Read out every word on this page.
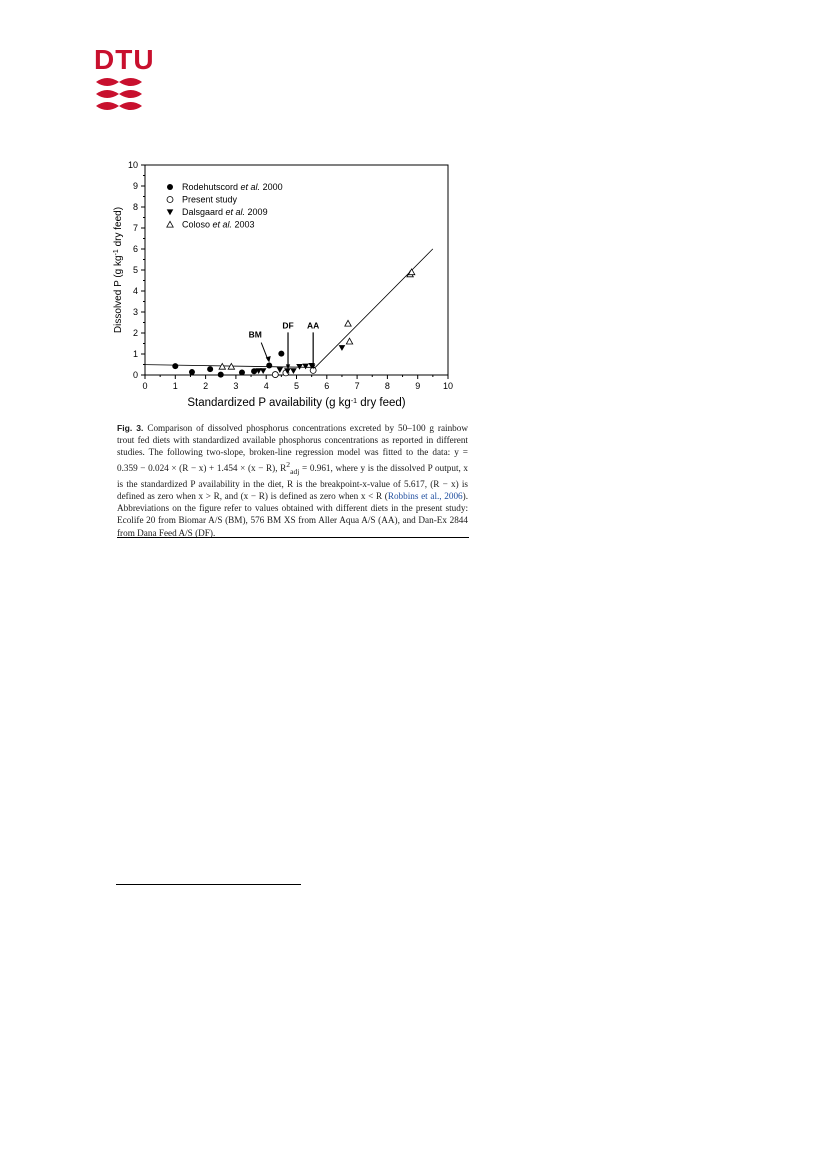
DTU
0	1	2	3	4	5	6	7	8	9	10
0
1
2
3
4
5
6
7
8
9
10
Standardized P availability (g $kg^{-1}$ dry feed)
Dissolved P (g $kg^{-1}$ dry feed)
Rodehutscord et al. 2000
Present study
Dalsgaard et al. 2009
Coloso et al. 2003
BM
DF AA
Fig. 3. Comparison of dissolved phosphorus concentrations excreted by 50–100 g rainbow trout fed diets with standardized available phosphorus concentrations as reported in different studies. The following two-slope, broken-line regression model was fitted to the data: y = 0.359 − 0.024 × (R − x) + 1.454 × (x − R), $R^2_{adj} = 0.961$, where y is the dissolved P output, x is the standardized P availability in the diet, R is the breakpoint-x-value of 5.617, (R − x) is defined as zero when x > R, and (x − R) is defined as zero when x < R (Robbins et al., 2006). Abbreviations on the figure refer to values obtained with different diets in the present study: Ecolife 20 from Biomar A/S (BM), 576 BM XS from Aller Aqua A/S (AA), and Dan-Ex 2844 from Dana Feed A/S (DF).
